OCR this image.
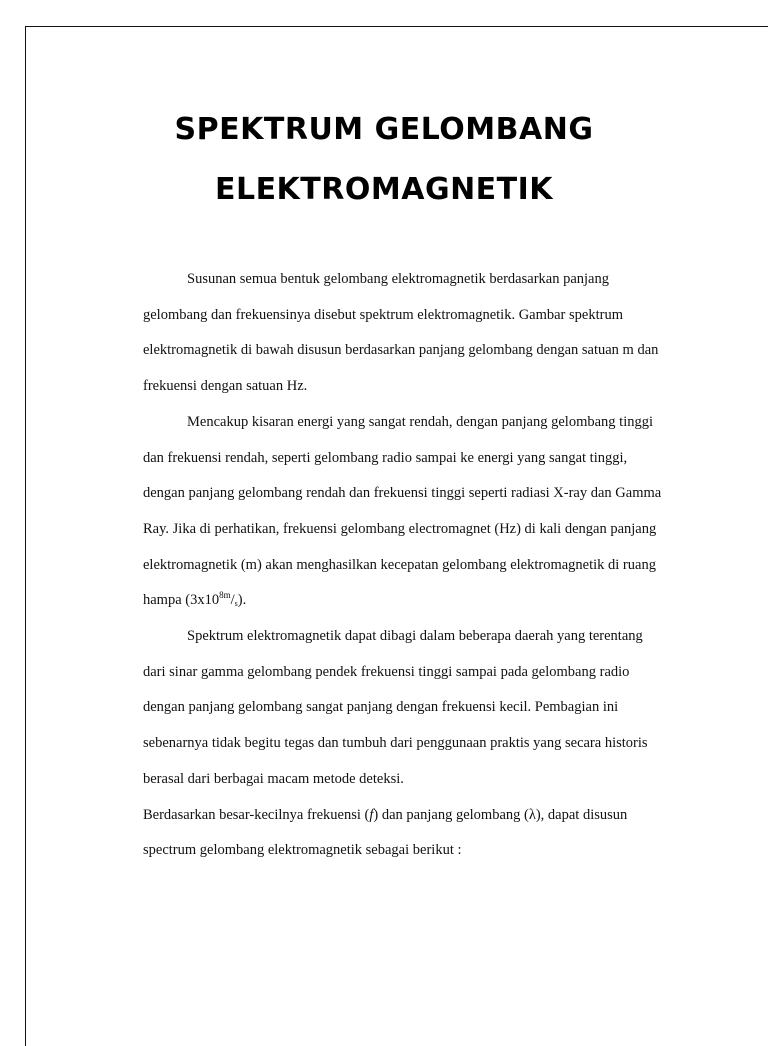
SPEKTRUM GELOMBANG
ELEKTROMAGNETIK

Susunan semua bentuk gelombang elektromagnetik berdasarkan panjang gelombang dan frekuensinya disebut spektrum elektromagnetik. Gambar spektrum elektromagnetik di bawah disusun berdasarkan panjang gelombang dengan satuan m dan frekuensi dengan satuan Hz.

Mencakup kisaran energi yang sangat rendah, dengan panjang gelombang tinggi dan frekuensi rendah, seperti gelombang radio sampai ke energi yang sangat tinggi, dengan panjang gelombang rendah dan frekuensi tinggi seperti radiasi X-ray dan Gamma Ray. Jika di perhatikan, frekuensi gelombang electromagnet (Hz) di kali dengan panjang elektromagnetik (m) akan menghasilkan kecepatan gelombang elektromagnetik di ruang hampa $(3x10^{8m}/_s)$.

Spektrum elektromagnetik dapat dibagi dalam beberapa daerah yang terentang dari sinar gamma gelombang pendek frekuensi tinggi sampai pada gelombang radio dengan panjang gelombang sangat panjang dengan frekuensi kecil. Pembagian ini sebenarnya tidak begitu tegas dan tumbuh dari penggunaan praktis yang secara historis berasal dari berbagai macam metode deteksi.

Berdasarkan besar-kecilnya frekuensi (f) dan panjang gelombang (λ), dapat disusun spectrum gelombang elektromagnetik sebagai berikut :
